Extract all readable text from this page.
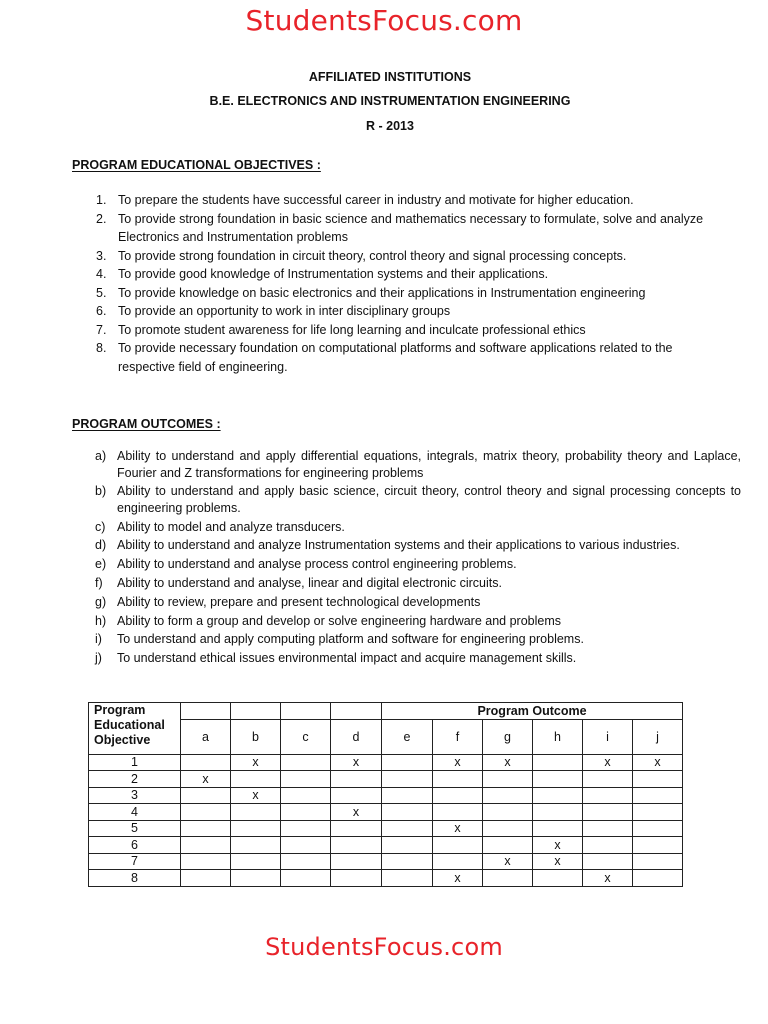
StudentsFocus.com
AFFILIATED INSTITUTIONS
B.E. ELECTRONICS AND INSTRUMENTATION ENGINEERING
R - 2013
PROGRAM EDUCATIONAL OBJECTIVES :
1. To prepare the students have successful career in industry and motivate for higher education.
2. To provide strong foundation in basic science and mathematics necessary to formulate, solve and analyze Electronics and Instrumentation problems
3. To provide strong foundation in circuit theory, control theory and signal processing concepts.
4. To provide good knowledge of Instrumentation systems and their applications.
5. To provide knowledge on basic electronics and their applications in Instrumentation engineering
6. To provide an opportunity to work in inter disciplinary groups
7. To promote student awareness for life long learning and inculcate professional ethics
8. To provide necessary foundation on computational platforms and software applications related to the respective field of engineering.
PROGRAM OUTCOMES :
a) Ability to understand and apply differential equations, integrals, matrix theory, probability theory and Laplace, Fourier and Z transformations for engineering problems
b) Ability to understand and apply basic science, circuit theory, control theory and signal processing concepts to engineering problems.
c) Ability to model and analyze transducers.
d) Ability to understand and analyze Instrumentation systems and their applications to various industries.
e) Ability to understand and analyse process control engineering problems.
f) Ability to understand and analyse, linear and digital electronic circuits.
g) Ability to review, prepare and present technological developments
h) Ability to form a group and develop or solve engineering hardware and problems
i) To understand and apply computing platform and software for engineering problems.
j) To understand ethical issues environmental impact and acquire management skills.
Program Educational Objective					Program Outcome					
	a	b	c	d	e	f	g	h	i	j
1		x		x		x	x		x	x
2	x									
3		x								
4				x						
5						x				
6								x		
7							x	x		
8						x			x	
StudentsFocus.com
